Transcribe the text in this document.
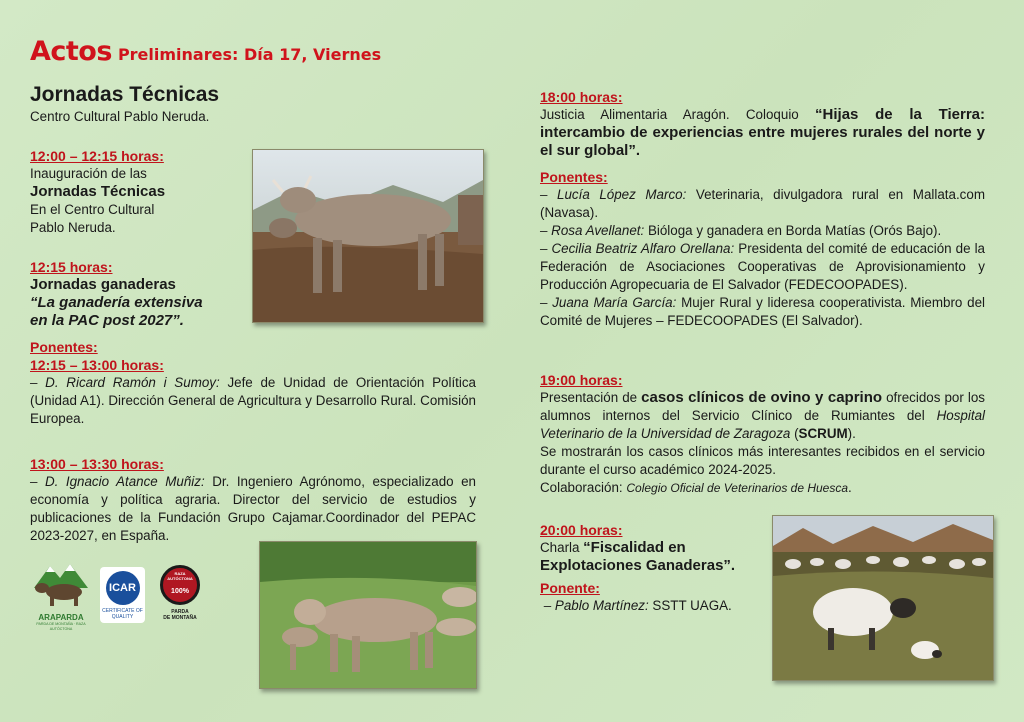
Actos Preliminares: Día 17, Viernes
Jornadas Técnicas
Centro Cultural Pablo Neruda.
12:00 – 12:15 horas:
Inauguración de las
Jornadas Técnicas
En el Centro Cultural
Pablo Neruda.
12:15 horas:
Jornadas ganaderas
“La ganadería extensiva
en la PAC post 2027”.
Ponentes:
12:15 – 13:00 horas:
– D. Ricard Ramón i Sumoy: Jefe de Unidad de Orientación Política (Unidad A1). Dirección General de Agricultura y Desarrollo Rural. Comisión Europea.
13:00 – 13:30 horas:
– D. Ignacio Atance Muñiz: Dr. Ingeniero Agrónomo, especializado en economía y política agraria. Director del servicio de estudios y publicaciones de la Fundación Grupo Cajamar.Coordinador del PEPAC 2023-2027, en España.
ARAPARDA
PARDA DE MONTAÑA · RAZA AUTÓCTONA
ICAR
CERTIFICATE OF QUALITY
RAZA AUTÓCTONA
100%
PARDA
DE MONTAÑA
18:00 horas:
Justicia Alimentaria Aragón. Coloquio “Hijas de la Tierra: intercambio de experiencias entre mujeres rurales del norte y el sur global”.
Ponentes:
– Lucía López Marco: Veterinaria, divulgadora rural en Mallata.com (Navasa).
– Rosa Avellanet: Bióloga y ganadera en Borda Matías (Orós Bajo).
– Cecilia Beatriz Alfaro Orellana: Presidenta del comité de educación de la Federación de Asociaciones Cooperativas de Aprovisionamiento y Producción Agropecuaria de El Salvador (FEDECOOPADES).
– Juana María García: Mujer Rural y lideresa cooperativista. Miembro del Comité de Mujeres – FEDECOOPADES (El Salvador).
19:00 horas:
Presentación de casos clínicos de ovino y caprino ofrecidos por los alumnos internos del Servicio Clínico de Rumiantes del Hospital Veterinario de la Universidad de Zaragoza (SCRUM).
Se mostrarán los casos clínicos más interesantes recibidos en el servicio durante el curso académico 2024-2025.
Colaboración: Colegio Oficial de Veterinarios de Huesca.
20:00 horas:
Charla “Fiscalidad en
Explotaciones Ganaderas”.
Ponente:
– Pablo Martínez: SSTT UAGA.
